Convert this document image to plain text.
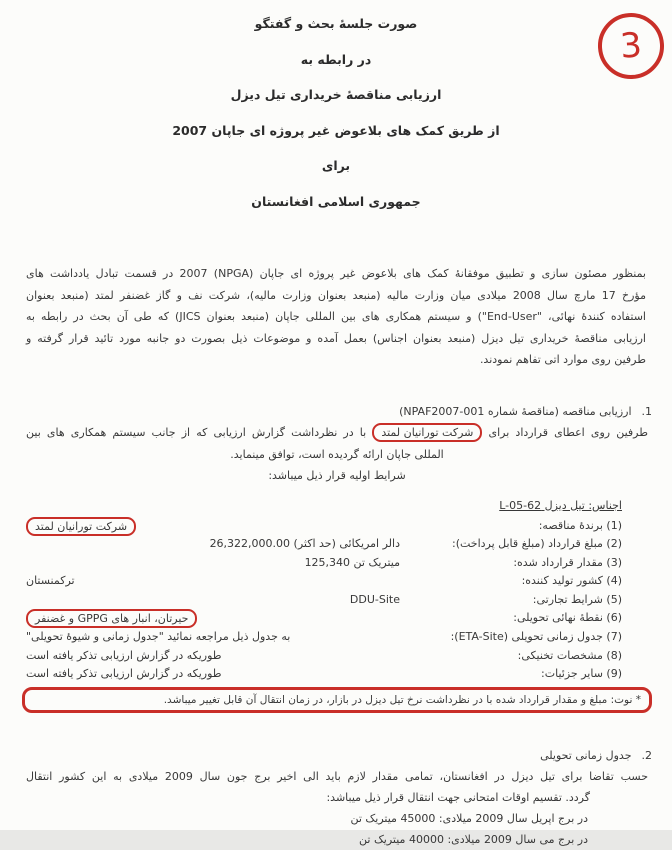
3
صورت جلسهٔ بحث و گفتگو
در رابطه به
ارزیابی مناقصهٔ خریداری تیل دیزل
از طریق کمک های بلاعوض غیر پروژه ای جاپان 2007
برای
جمهوری اسلامی افغانستان
بمنظور مصئون سازی و تطبیق موفقانهٔ کمک های بلاعوض غیر پروژه ای جاپان (NPGA) 2007 در قسمت تبادل یادداشت های
مؤرخ 17 مارچ سال 2008 میلادی میان وزارت مالیه (منبعد بعنوان وزارت مالیه)، شرکت نف و گاز غضنفر لمتد (منبعد بعنوان
استفاده کنندهٔ نهائی، "End-User") و سیستم همکاری های بین المللی جاپان (منبعد بعنوان JICS) که طی آن بحث در رابطه به
ارزیابی مناقصهٔ خریداری تیل دیزل (منبعد بعنوان اجناس) بعمل آمده و موضوعات ذیل بصورت دو جانبه مورد تائید قرار گرفته و
طرفین روی موارد اتی تفاهم نمودند.
1.ارزیابی مناقصه (مناقصهٔ شماره NPAF2007-001)
طرفین روی اعطای قرارداد برای شرکت تورانیان لمتد با در نظرداشت گزارش ارزیابی که از جانب سیستم همکاری های بین
المللی جاپان ارائه گردیده است، توافق مینماید.
شرایط اولیه قرار ذیل میباشد:
اجناس: تیل دیزل L-05-62
(1) برندهٔ مناقصه:
شرکت تورانیان لمتد
(2) مبلغ قرارداد (مبلغ قابل پرداخت):
26,322,000.00 دالر امریکائی (حد اکثر)
(3) مقدار قرارداد شده:
125,340 میتریک تن
(4) کشور تولید کننده:
ترکمنستان
(5) شرایط تجارتی:
DDU-Site
(6) نقطهٔ نهائی تحویلی:
حیرتان، انبار های GPPG و غضنفر
(7) جدول زمانی تحویلی (ETA-Site):
به جدول ذیل مراجعه نمائید "جدول زمانی و شیوهٔ تحویلی"
(8) مشخصات تخنیکی:
طوریکه در گزارش ارزیابی تذکر یافته است
(9) سایر جزئیات:
طوریکه در گزارش ارزیابی تذکر یافته است
* نوت: مبلغ و مقدار قرارداد شده با در نظرداشت نرخ تیل دیزل در بازار، در زمان انتقال آن قابل تغییر میباشد.
2.جدول زمانی تحویلی
حسب تقاضا برای تیل دیزل در افغانستان، تمامی مقدار لازم باید الی اخیر برج جون سال 2009 میلادی به این کشور انتقال
گردد. تقسیم اوقات امتحانی جهت انتقال قرار ذیل میباشد:
در برج اپریل سال 2009 میلادی: 45000 میتریک تن
در برج می سال 2009 میلادی: 40000 میتریک تن
